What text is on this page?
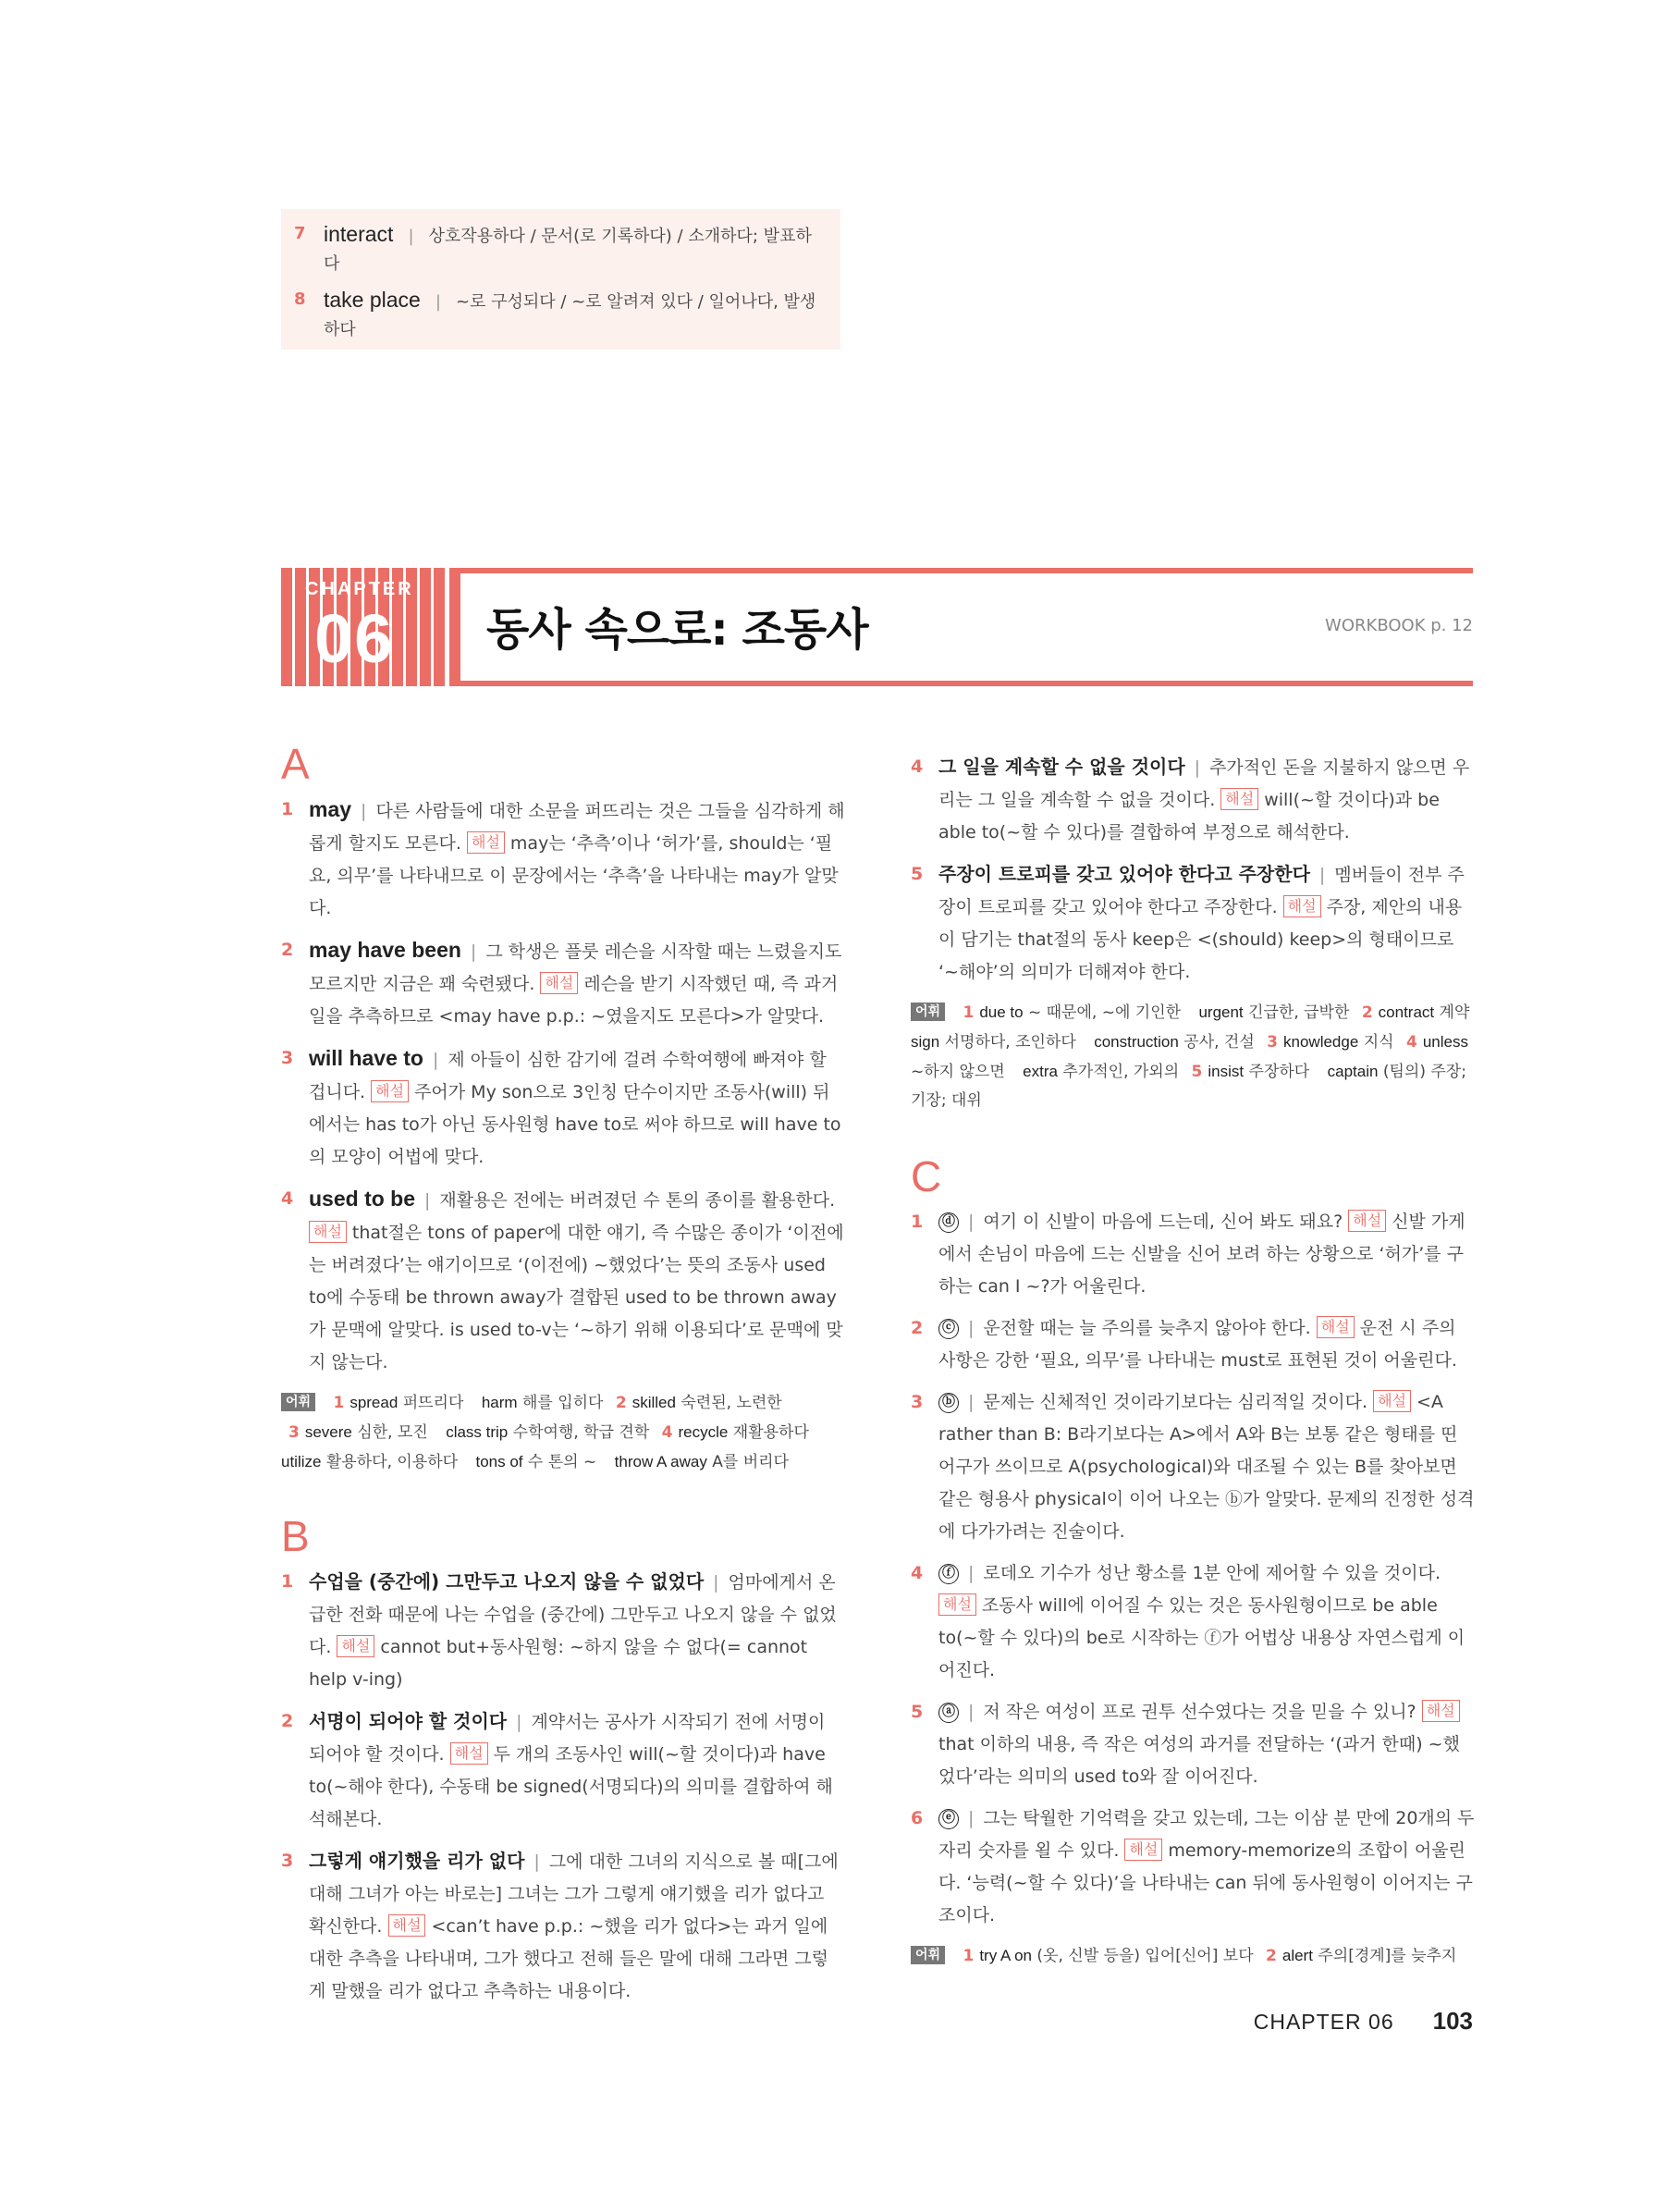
7 interact | 상호작용하다 / 문서(로 기록하다) / 소개하다; 발표하다
8 take place | ~로 구성되다 / ~로 알려져 있다 / 일어나다, 발생하다
CHAPTER
06 동사 속으로: 조동사	WORKBOOK p. 12
A
1 may | 다른 사람들에 대한 소문을 퍼뜨리는 것은 그들을 심각하게 해롭게 할지도 모른다. 해설 may는 ‘추측’이나 ‘허가’를, should는 ‘필요, 의무’를 나타내므로 이 문장에서는 ‘추측’을 나타내는 may가 알맞다.
2 may have been | 그 학생은 플룻 레슨을 시작할 때는 느렸을지도 모르지만 지금은 꽤 숙련됐다. 해설 레슨을 받기 시작했던 때, 즉 과거 일을 추측하므로 <may have p.p.: ~였을지도 모른다>가 알맞다.
3 will have to | 제 아들이 심한 감기에 걸려 수학여행에 빠져야 할 겁니다. 해설 주어가 My son으로 3인칭 단수이지만 조동사(will) 뒤에서는 has to가 아닌 동사원형 have to로 써야 하므로 will have to의 모양이 어법에 맞다.
4 used to be | 재활용은 전에는 버려졌던 수 톤의 종이를 활용한다. 해설 that절은 tons of paper에 대한 얘기, 즉 수많은 종이가 ‘이전에는 버려졌다’는 얘기이므로 ‘(이전에) ~했었다’는 뜻의 조동사 used to에 수동태 be thrown away가 결합된 used to be thrown away가 문맥에 알맞다. is used to-v는 ‘~하기 위해 이용되다’로 문맥에 맞지 않는다.
어휘 1 spread 퍼뜨리다 harm 해를 입히다 2 skilled 숙련된, 노련한 3 severe 심한, 모진 class trip 수학여행, 학급 견학 4 recycle 재활용하다 utilize 활용하다, 이용하다 tons of 수 톤의 ~ throw A away A를 버리다
B
1 수업을 (중간에) 그만두고 나오지 않을 수 없었다 | 엄마에게서 온 급한 전화 때문에 나는 수업을 (중간에) 그만두고 나오지 않을 수 없었다. 해설 cannot but+동사원형: ~하지 않을 수 없다(= cannot help v-ing)
2 서명이 되어야 할 것이다 | 계약서는 공사가 시작되기 전에 서명이 되어야 할 것이다. 해설 두 개의 조동사인 will(~할 것이다)과 have to(~해야 한다), 수동태 be signed(서명되다)의 의미를 결합하여 해석해본다.
3 그렇게 얘기했을 리가 없다 | 그에 대한 그녀의 지식으로 볼 때[그에 대해 그녀가 아는 바로는] 그녀는 그가 그렇게 얘기했을 리가 없다고 확신한다. 해설 <can’t have p.p.: ~했을 리가 없다>는 과거 일에 대한 추측을 나타내며, 그가 했다고 전해 들은 말에 대해 그라면 그렇게 말했을 리가 없다고 추측하는 내용이다.
4 그 일을 계속할 수 없을 것이다 | 추가적인 돈을 지불하지 않으면 우리는 그 일을 계속할 수 없을 것이다. 해설 will(~할 것이다)과 be able to(~할 수 있다)를 결합하여 부정으로 해석한다.
5 주장이 트로피를 갖고 있어야 한다고 주장한다 | 멤버들이 전부 주장이 트로피를 갖고 있어야 한다고 주장한다. 해설 주장, 제안의 내용이 담기는 that절의 동사 keep은 <(should) keep>의 형태이므로 ‘~해야’의 의미가 더해져야 한다.
어휘 1 due to ~ 때문에, ~에 기인한 urgent 긴급한, 급박한 2 contract 계약 sign 서명하다, 조인하다 construction 공사, 건설 3 knowledge 지식 4 unless ~하지 않으면 extra 추가적인, 가외의 5 insist 주장하다 captain (팀의) 주장; 기장; 대위
C
1 ⓓ | 여기 이 신발이 마음에 드는데, 신어 봐도 돼요? 해설 신발 가게에서 손님이 마음에 드는 신발을 신어 보려 하는 상황으로 ‘허가’를 구하는 can I ~?가 어울린다.
2 ⓒ | 운전할 때는 늘 주의를 늦추지 않아야 한다. 해설 운전 시 주의 사항은 강한 ‘필요, 의무’를 나타내는 must로 표현된 것이 어울린다.
3 ⓑ | 문제는 신체적인 것이라기보다는 심리적일 것이다. 해설 <A rather than B: B라기보다는 A>에서 A와 B는 보통 같은 형태를 띤 어구가 쓰이므로 A(psychological)와 대조될 수 있는 B를 찾아보면 같은 형용사 physical이 이어 나오는 ⓑ가 알맞다. 문제의 진정한 성격에 다가가려는 진술이다.
4 ⓕ | 로데오 기수가 성난 황소를 1분 안에 제어할 수 있을 것이다. 해설 조동사 will에 이어질 수 있는 것은 동사원형이므로 be able to(~할 수 있다)의 be로 시작하는 ⓕ가 어법상 내용상 자연스럽게 이어진다.
5 ⓐ | 저 작은 여성이 프로 권투 선수였다는 것을 믿을 수 있니? 해설that 이하의 내용, 즉 작은 여성의 과거를 전달하는 ‘(과거 한때) ~했었다’라는 의미의 used to와 잘 이어진다.
6 ⓔ | 그는 탁월한 기억력을 갖고 있는데, 그는 이삼 분 만에 20개의 두 자리 숫자를 욀 수 있다. 해설 memory-memorize의 조합이 어울린다. ‘능력(~할 수 있다)’을 나타내는 can 뒤에 동사원형이 이어지는 구조이다.
어휘 1 try A on (옷, 신발 등을) 입어[신어] 보다 2 alert 주의[경계]를 늦추지
CHAPTER 06 103
